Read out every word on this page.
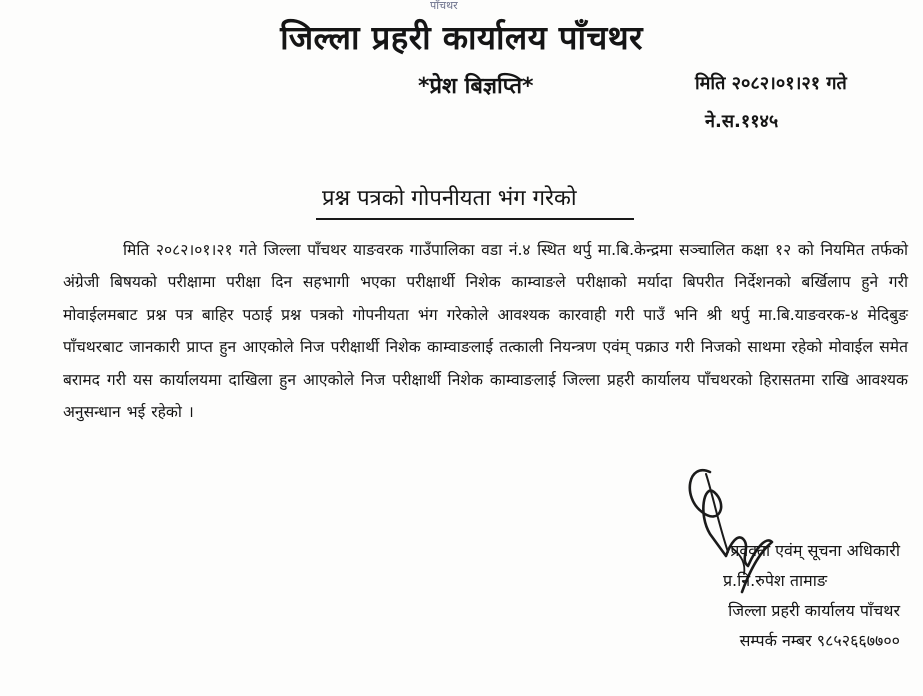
पाँचथर
जिल्ला प्रहरी कार्यालय पाँचथर
*प्रेश बिज्ञप्ति*	मिति २०८२।०१।२१ गते
ने.स.११४५
प्रश्न पत्रको गोपनीयता भंग गरेको

मिति २०८२।०१।२१ गते जिल्ला पाँचथर याङवरक गाउँपालिका वडा नं.४ स्थित थर्पु मा.बि.केन्द्रमा सञ्चालित कक्षा १२ को नियमित तर्फको अंग्रेजी बिषयको परीक्षामा परीक्षा दिन सहभागी भएका परीक्षार्थी निशेक काम्वाङले परीक्षाको मर्यादा बिपरीत निर्देशनको बर्खिलाप हुने गरी मोवाईलमबाट प्रश्न पत्र बाहिर पठाई प्रश्न पत्रको गोपनीयता भंग गरेकोले आवश्यक कारवाही गरी पाउँ भनि श्री थर्पु मा.बि.याङवरक-४ मेदिबुङ पाँचथरबाट जानकारी प्राप्त हुन आएकोले निज परीक्षार्थी निशेक काम्वाङलाई तत्काली नियन्त्रण एवंम् पक्राउ गरी निजको साथमा रहेको मोवाईल समेत बरामद गरी यस कार्यालयमा दाखिला हुन आएकोले निज परीक्षार्थी निशेक काम्वाङलाई जिल्ला प्रहरी कार्यालय पाँचथरको हिरासतमा राखि आवश्यक अनुसन्धान भई रहेको ।

प्रवक्ता एवंम् सूचना अधिकारी
प्र.नि.रुपेश तामाङ
जिल्ला प्रहरी कार्यालय पाँचथर
सम्पर्क नम्बर ९८५२६६७७००
